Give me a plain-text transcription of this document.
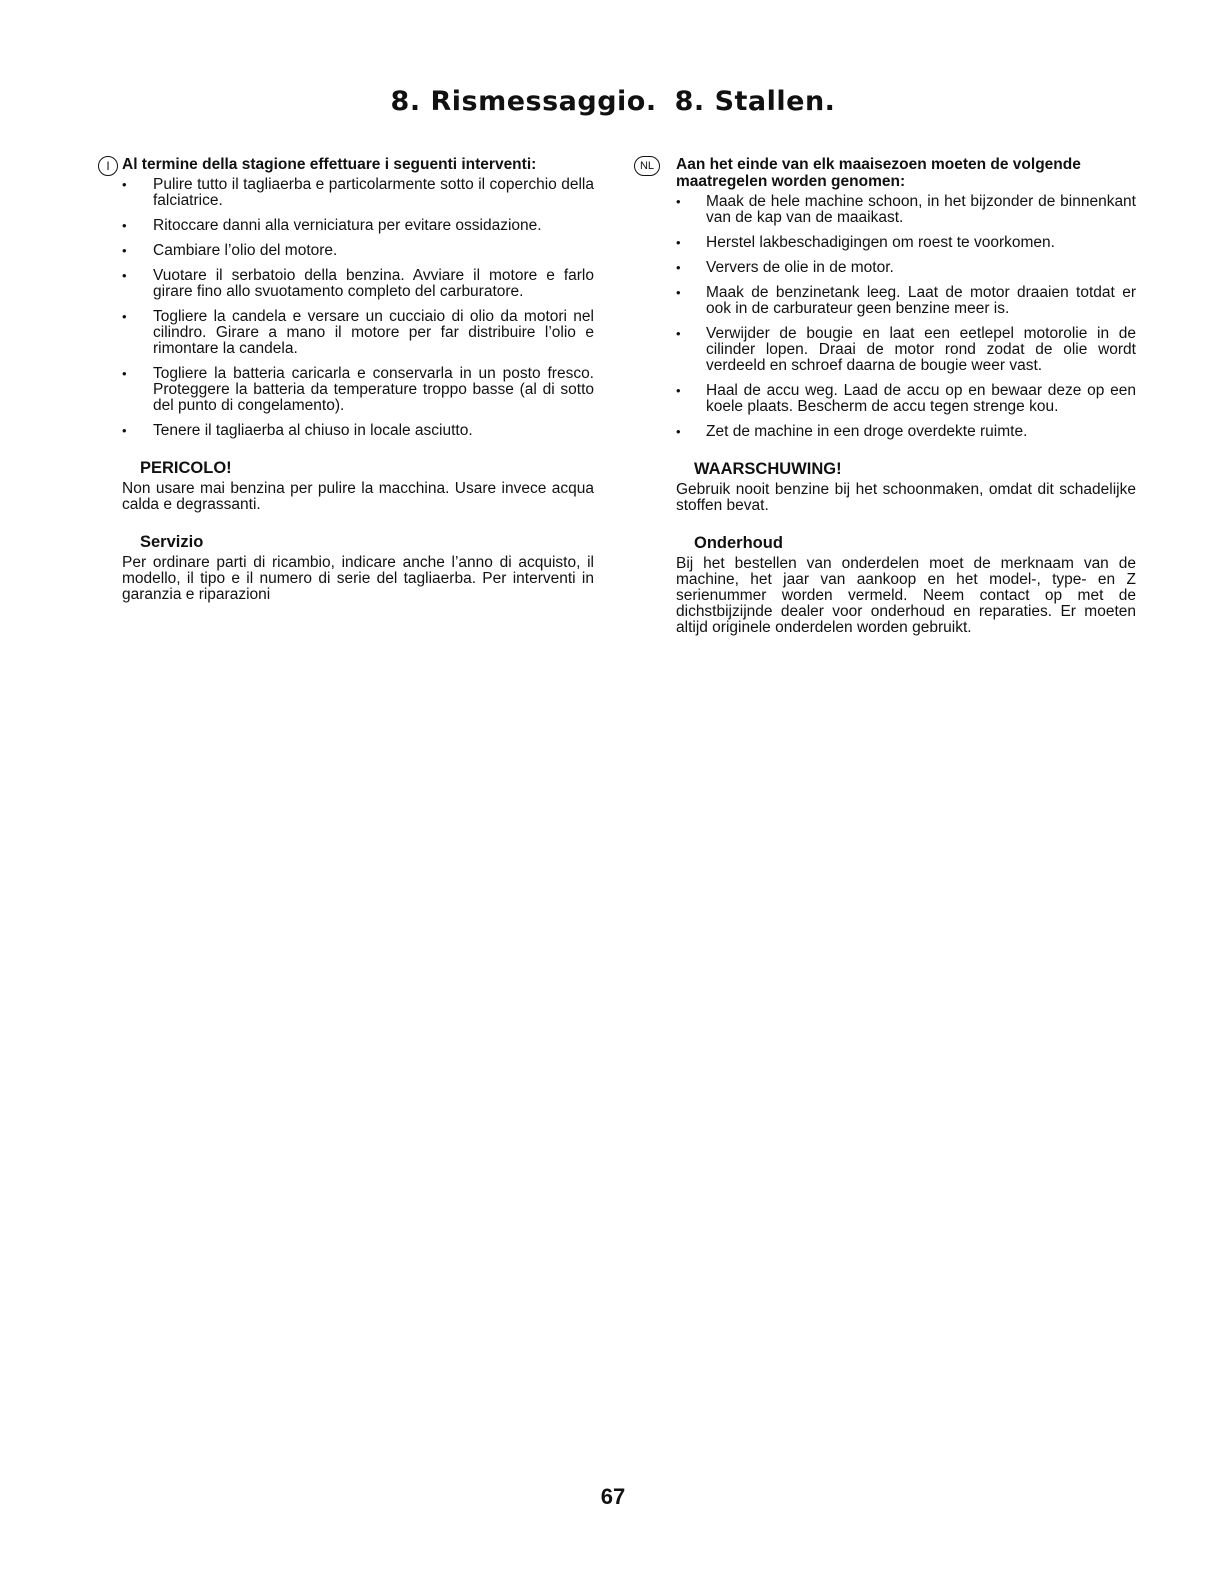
8. Rismessaggio. 8. Stallen.
I Al termine della stagione effettuare i seguenti interventi:
• Pulire tutto il tagliaerba e particolarmente sotto il coperchio della falciatrice.
• Ritoccare danni alla verniciatura per evitare ossidazione.
• Cambiare l’olio del motore.
• Vuotare il serbatoio della benzina. Avviare il motore e farlo girare fino allo svuotamento completo del carburatore.
• Togliere la candela e versare un cucciaio di olio da motori nel cilindro. Girare a mano il motore per far distribuire l’olio e rimontare la candela.
• Togliere la batteria caricarla e conservarla in un posto fresco. Proteggere la batteria da temperature troppo basse (al di sotto del punto di congelamento).
• Tenere il tagliaerba al chiuso in locale asciutto.
PERICOLO!
Non usare mai benzina per pulire la macchina. Usare invece acqua calda e degrassanti.
Servizio
Per ordinare parti di ricambio, indicare anche l’anno di acquisto, il modello, il tipo e il numero di serie del tagliaerba. Per interventi in garanzia e riparazioni
NL	Aan het einde van elk maaisezoen moeten de volgende maatregelen worden genomen:
• Maak de hele machine schoon, in het bijzonder de binnenkant van de kap van de maaikast.
• Herstel lakbeschadigingen om roest te voorkomen.
• Ververs de olie in de motor.
• Maak de benzinetank leeg. Laat de motor draaien totdat er ook in de carburateur geen benzine meer is.
• Verwijder de bougie en laat een eetlepel motorolie in de cilinder lopen. Draai de motor rond zodat de olie wordt verdeeld en schroef daarna de bougie weer vast.
• Haal de accu weg. Laad de accu op en bewaar deze op een koele plaats. Bescherm de accu tegen strenge kou.
• Zet de machine in een droge overdekte ruimte.
WAARSCHUWING!
Gebruik nooit benzine bij het schoonmaken, omdat dit schadelijke stoffen bevat.
Onderhoud
Bij het bestellen van onderdelen moet de merknaam van de machine, het jaar van aankoop en het model-, type- en Z serienummer worden vermeld. Neem contact op met de dichstbijzijnde dealer voor onderhoud en reparaties. Er moeten altijd originele onderdelen worden gebruikt.
67
